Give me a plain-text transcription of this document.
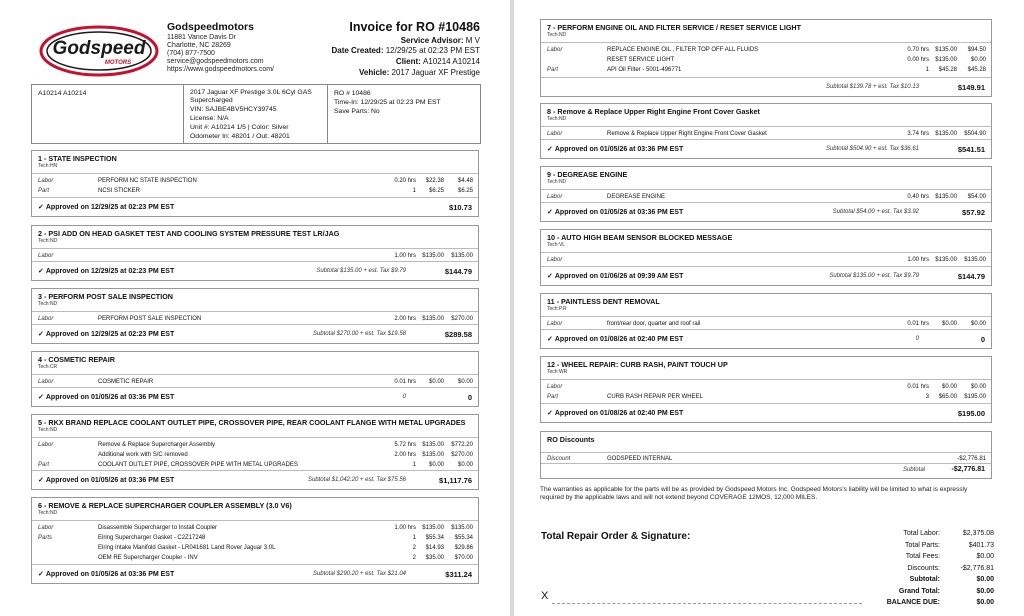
Godspeed
MOTORS
Godspeedmotors
11881 Vance Davis Dr
Charlotte, NC 28269
(704) 877-7500
service@godspeedmotors.com
https://www.godspeedmotors.com/
Invoice for RO #10486
Service Advisor: M V
Date Created: 12/29/25 at 02:23 PM EST
Client: A10214 A10214
Vehicle: 2017 Jaguar XF Prestige
A10214 A10214	2017 Jaguar XF Prestige 3.0L 6Cyl GAS Supercharged
VIN: SAJBE4BV5HCY39745
License: N/A
Unit #: A10214 1/5 | Color: Silver
Odometer In: 48201 / Out: 48201
RO # 10486
Time-In: 12/29/25 at 02:23 PM EST
Save Parts: No
1 - STATE INSPECTION
Tech:HN
Labor	PERFORM NC STATE INSPECTION	0.20 hrs $22.38 $4.48
Part	NCSI STICKER	1 $6.25 $6.25
✓ Approved on 12/29/25 at 02:23 PM EST	$10.73
2 - PSI ADD ON HEAD GASKET TEST AND COOLING SYSTEM PRESSURE TEST LR/JAG
Tech:ND
Labor	1.00 hrs $135.00 $135.00
✓ Approved on 12/29/25 at 02:23 PM EST	Subtotal $135.00 + est. Tax $9.79	$144.79
3 - PERFORM POST SALE INSPECTION
Tech:ND
Labor	PERFORM POST SALE INSPECTION	2.00 hrs $135.00 $270.00
✓ Approved on 12/29/25 at 02:23 PM EST	Subtotal $270.00 + est. Tax $19.58	$289.58
4 - COSMETIC REPAIR
Tech:CR
Labor	COSMETIC REPAIR	0.01 hrs $0.00 $0.00
✓ Approved on 01/05/26 at 03:36 PM EST	0	0
5 - RKX BRAND REPLACE COOLANT OUTLET PIPE, CROSSOVER PIPE, REAR COOLANT FLANGE WITH METAL UPGRADES
Tech:ND
Labor	Remove & Replace Supercharger Assembly	5.72 hrs $135.00 $772.20
Additional work with S/C removed	2.00 hrs $135.00 $270.00
Part	COOLANT OUTLET PIPE, CROSSOVER PIPE WITH METAL UPGRADES	1 $0.00 $0.00
✓ Approved on 01/05/26 at 03:36 PM EST	Subtotal $1,042.20 + est. Tax $75.56	$1,117.76
6 - REMOVE & REPLACE SUPERCHARGER COUPLER ASSEMBLY (3.0 V6)
Tech:ND
Labor	Disassemble Supercharger to Install Coupler	1.00 hrs $135.00 $135.00
Parts	Elring Supercharger Gasket - C2Z17248	1 $55.34 $55.34
Elring Intake Manifold Gasket - LR041681 Land Rover Jaguar 3.0L	2 $14.93 $29.86
OEM RE Supercharger Coupler - INV	2 $35.00 $70.00
✓ Approved on 01/05/26 at 03:36 PM EST	Subtotal $290.20 + est. Tax $21.04	$311.24
7 - PERFORM ENGINE OIL AND FILTER SERVICE / RESET SERVICE LIGHT
Tech:ND
Labor	REPLACE ENGINE OIL , FILTER TOP OFF ALL FLUIDS	0.70 hrs $135.00 $94.50
RESET SERVICE LIGHT	0.00 hrs $135.00 $0.00
Part	API Oil Filter - 5001-496771	1 $45.28 $45.28
Subtotal $139.78 + est. Tax $10.13	$149.91
8 - Remove & Replace Upper Right Engine Front Cover Gasket
Tech:ND
Labor	Remove & Replace Upper Right Engine Front Cover Gasket	3.74 hrs $135.00 $504.90
✓ Approved on 01/05/26 at 03:36 PM EST	Subtotal $504.90 + est. Tax $36.61	$541.51
9 - DEGREASE ENGINE
Tech:ND
Labor	DEGREASE ENGINE	0.40 hrs $135.00 $54.00
✓ Approved on 01/05/26 at 03:36 PM EST	Subtotal $54.00 + est. Tax $3.92	$57.92
10 - AUTO HIGH BEAM SENSOR BLOCKED MESSAGE
Tech:VL
Labor	1.00 hrs $135.00 $135.00
✓ Approved on 01/06/26 at 09:39 AM EST	Subtotal $135.00 + est. Tax $9.79	$144.79
11 - PAINTLESS DENT REMOVAL
Tech:P.R
Labor	front/rear door, quarter and roof rail	0.01 hrs $0.00 $0.00
✓ Approved on 01/08/26 at 02:40 PM EST	0	0
12 - WHEEL REPAIR: CURB RASH, PAINT TOUCH UP
Tech:WR
Labor	0.01 hrs $0.00 $0.00
Part	CURB RASH REPAIR PER WHEEL	3 $65.00 $195.00
✓ Approved on 01/08/26 at 02:40 PM EST	$195.00
RO Discounts
Discount	GODSPEED INTERNAL	-$2,776.81
Subtotal	-$2,776.81
The warranties as applicable for the parts will be as provided by Godspeed Motors Inc. Godspeed Motors's liability will be limited to what is expressly required by the applicable laws and will not extend beyond COVERAGE 12MOS, 12,000 MILES.
Total Repair Order & Signature:
X
Total Labor:	$2,375.08
Total Parts:	$401.73
Total Fees:	$0.00
Discounts:	-$2,776.81
Subtotal:	$0.00
Grand Total:	$0.00
BALANCE DUE:	$0.00
